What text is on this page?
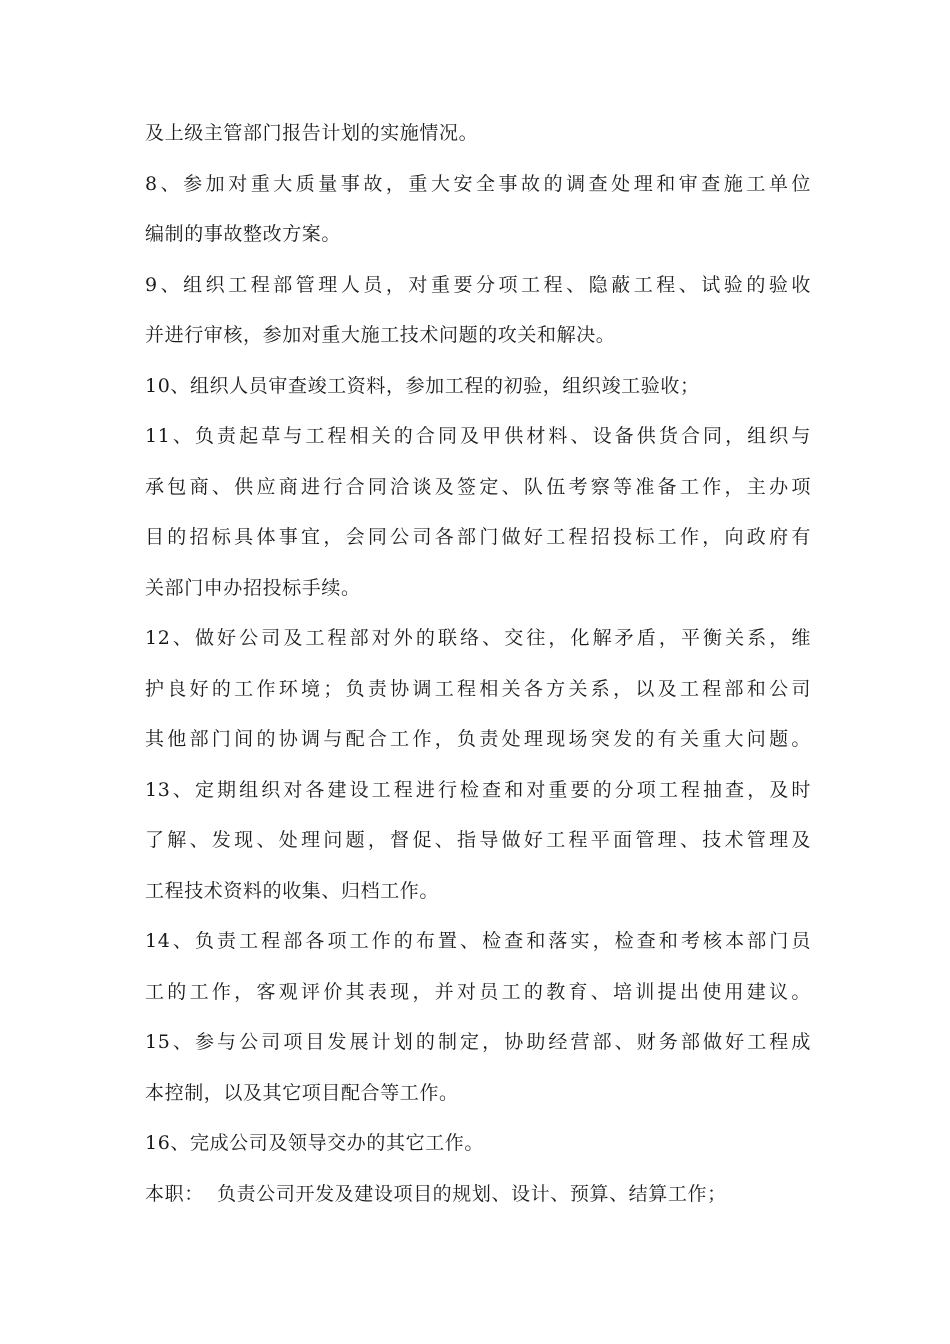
及上级主管部门报告计划的实施情况。
8、参加对重大质量事故，重大安全事故的调查处理和审查施工单位
编制的事故整改方案。
9、组织工程部管理人员，对重要分项工程、隐蔽工程、试验的验收
并进行审核，参加对重大施工技术问题的攻关和解决。
10、组织人员审查竣工资料，参加工程的初验，组织竣工验收；
11、负责起草与工程相关的合同及甲供材料、设备供货合同，组织与
承包商、供应商进行合同洽谈及签定、队伍考察等准备工作，主办项
目的招标具体事宜，会同公司各部门做好工程招投标工作，向政府有
关部门申办招投标手续。
12、做好公司及工程部对外的联络、交往，化解矛盾，平衡关系，维
护良好的工作环境；负责协调工程相关各方关系，以及工程部和公司
其他部门间的协调与配合工作，负责处理现场突发的有关重大问题。
13、定期组织对各建设工程进行检查和对重要的分项工程抽查，及时
了解、发现、处理问题，督促、指导做好工程平面管理、技术管理及
工程技术资料的收集、归档工作。
14、负责工程部各项工作的布置、检查和落实，检查和考核本部门员
工的工作，客观评价其表现，并对员工的教育、培训提出使用建议。
15、参与公司项目发展计划的制定，协助经营部、财务部做好工程成
本控制，以及其它项目配合等工作。
16、完成公司及领导交办的其它工作。
本职：  负责公司开发及建设项目的规划、设计、预算、结算工作；
